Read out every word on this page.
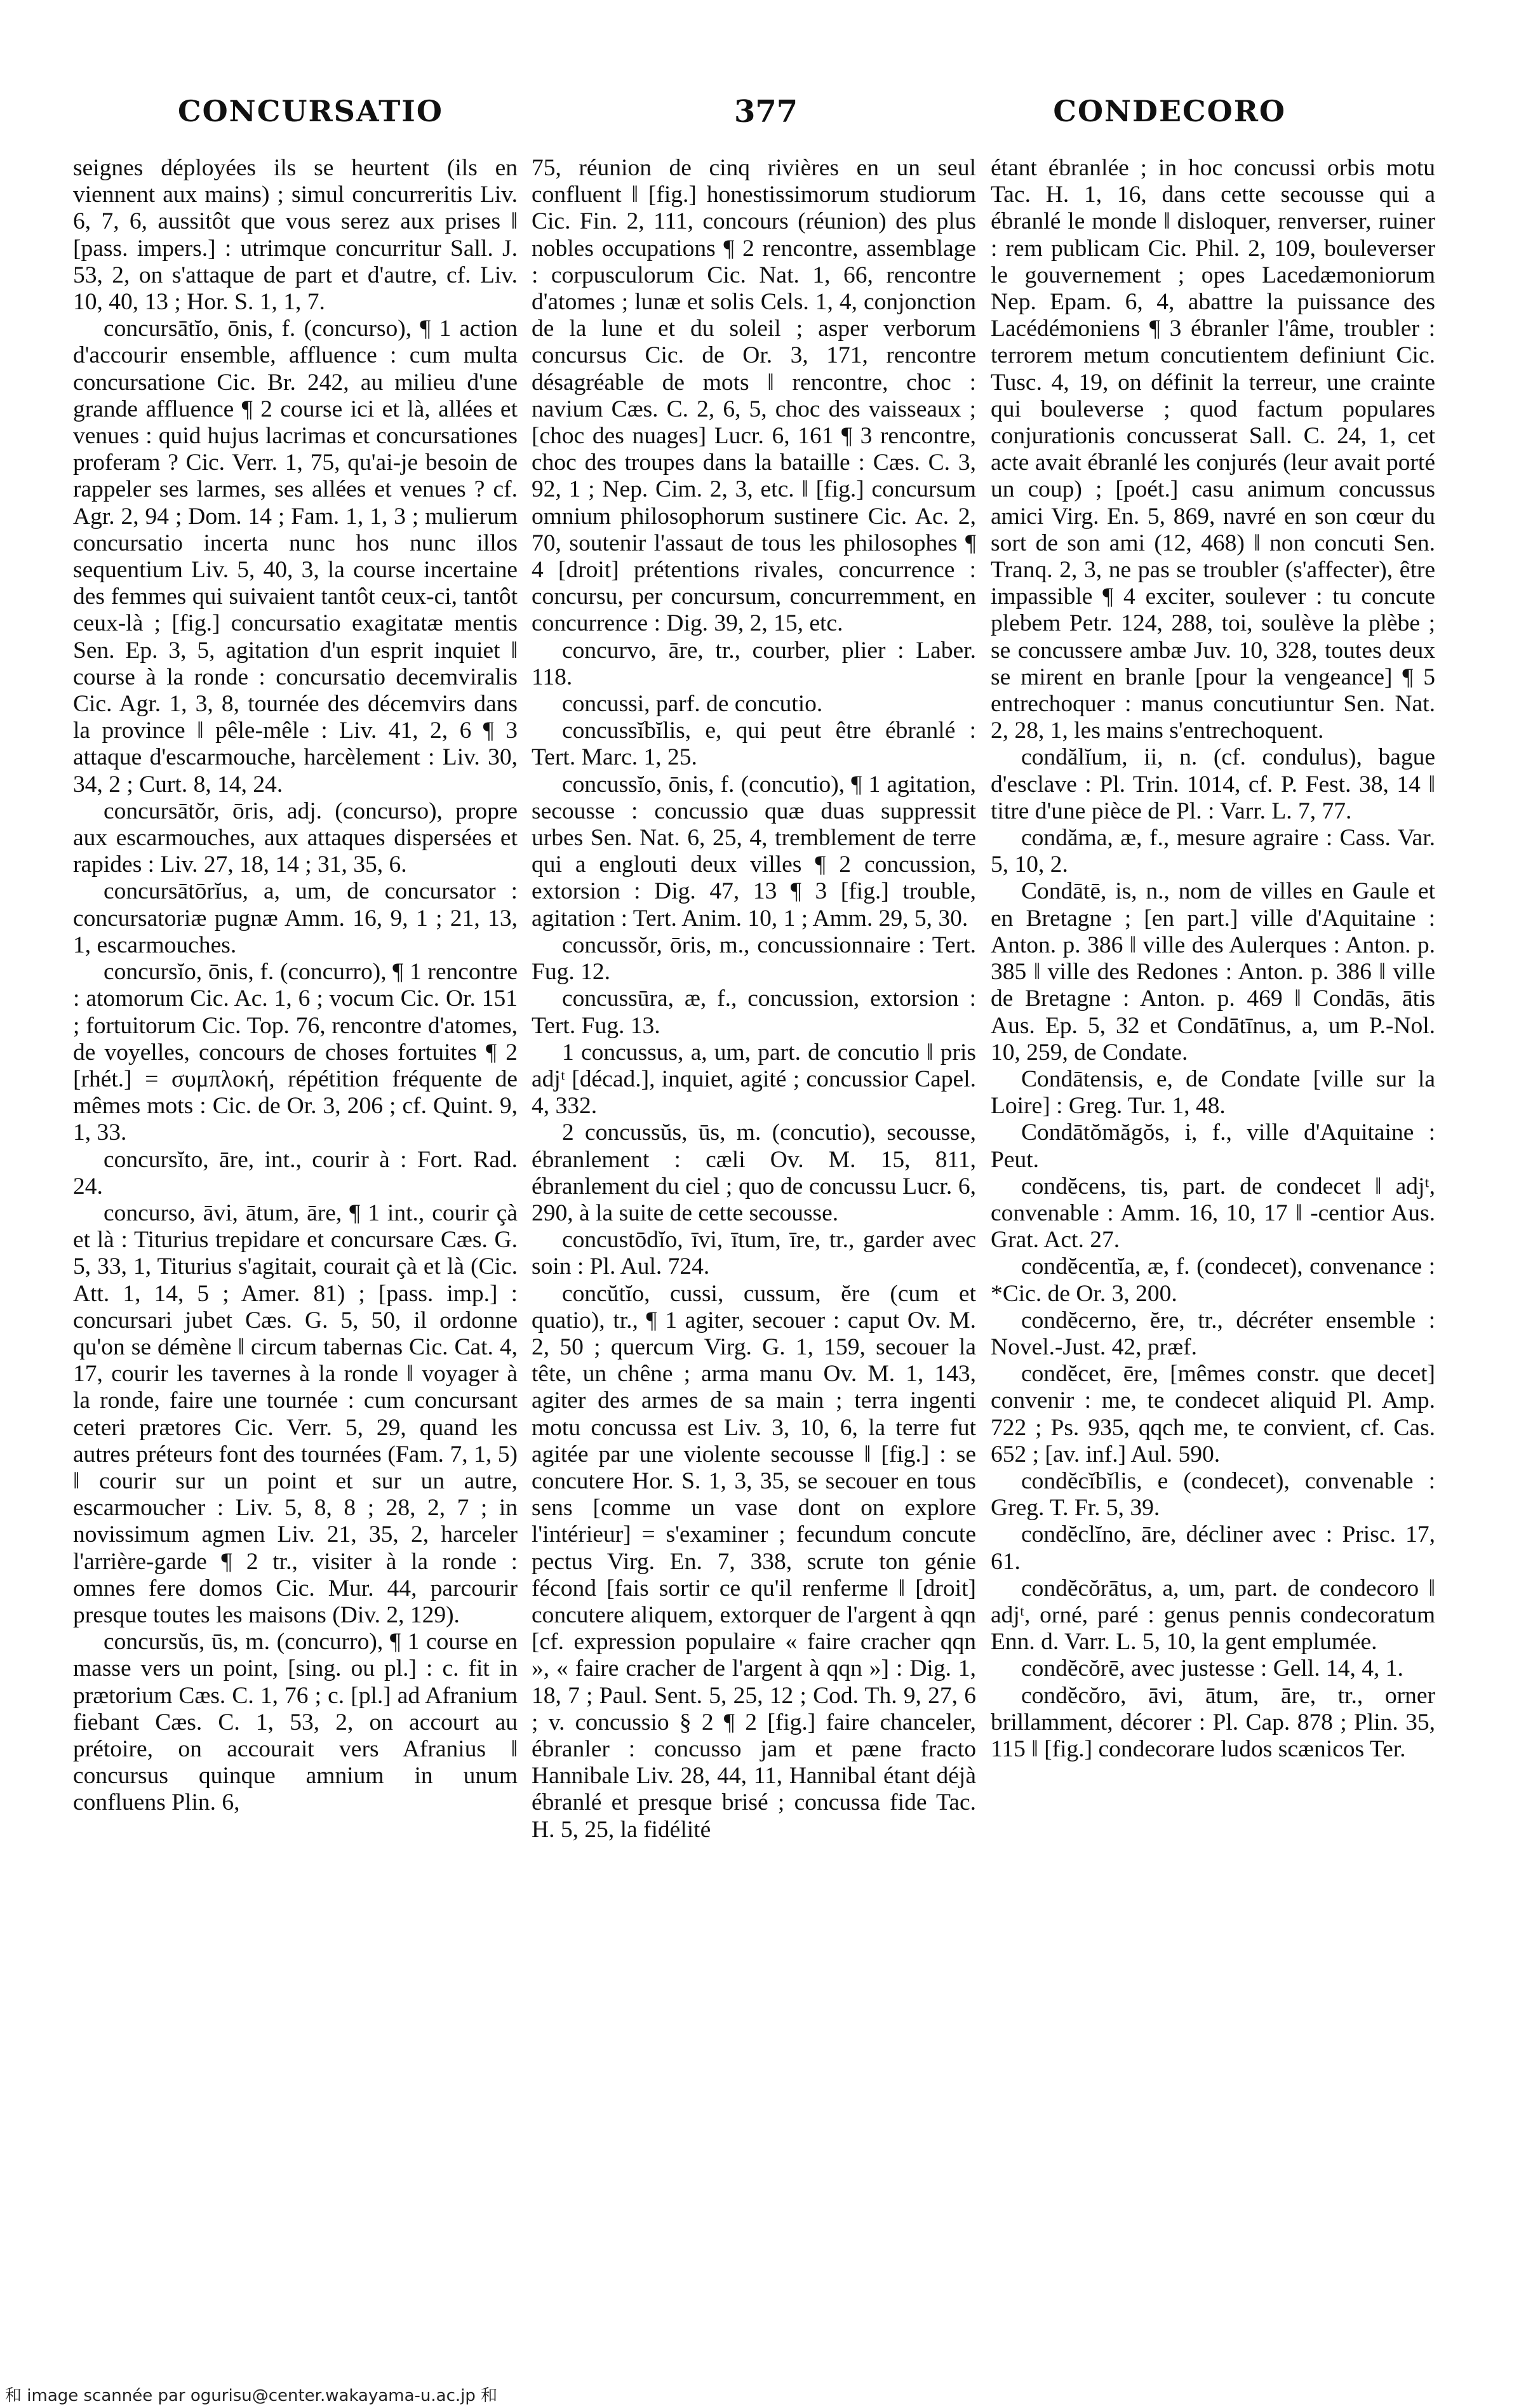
CONCURSATIO	377	CONDECORO

seignes déployées ils se heurtent (ils en viennent aux mains) ; simul concurreritis Liv. 6, 7, 6, aussitôt que vous serez aux prises ‖ [pass. impers.] : utrimque concurritur Sall. J. 53, 2, on s'attaque de part et d'autre, cf. Liv. 10, 40, 13 ; Hor. S. 1, 1, 7.

concursātĭo, ōnis, f. (concurso), ¶ 1 action d'accourir ensemble, affluence : cum multa concursatione Cic. Br. 242, au milieu d'une grande affluence ¶ 2 course ici et là, allées et venues : quid hujus lacrimas et concursationes proferam ? Cic. Verr. 1, 75, qu'ai-je besoin de rappeler ses larmes, ses allées et venues ? cf. Agr. 2, 94 ; Dom. 14 ; Fam. 1, 1, 3 ; mulierum concursatio incerta nunc hos nunc illos sequentium Liv. 5, 40, 3, la course incertaine des femmes qui suivaient tantôt ceux-ci, tantôt ceux-là ; [fig.] concursatio exagitatæ mentis Sen. Ep. 3, 5, agitation d'un esprit inquiet ‖ course à la ronde : concursatio decemviralis Cic. Agr. 1, 3, 8, tournée des décemvirs dans la province ‖ pêle-mêle : Liv. 41, 2, 6 ¶ 3 attaque d'escarmouche, harcèlement : Liv. 30, 34, 2 ; Curt. 8, 14, 24.

concursātŏr, ōris, adj. (concurso), propre aux escarmouches, aux attaques dispersées et rapides : Liv. 27, 18, 14 ; 31, 35, 6.

concursātōrĭus, a, um, de concursator : concursatoriæ pugnæ Amm. 16, 9, 1 ; 21, 13, 1, escarmouches.

concursĭo, ōnis, f. (concurro), ¶ 1 rencontre : atomorum Cic. Ac. 1, 6 ; vocum Cic. Or. 151 ; fortuitorum Cic. Top. 76, rencontre d'atomes, de voyelles, concours de choses fortuites ¶ 2 [rhét.] = συμπλοκή, répétition fréquente de mêmes mots : Cic. de Or. 3, 206 ; cf. Quint. 9, 1, 33.

concursĭto, āre, int., courir à : Fort. Rad. 24.

concurso, āvi, ātum, āre, ¶ 1 int., courir çà et là : Titurius trepidare et concursare Cæs. G. 5, 33, 1, Titurius s'agitait, courait çà et là (Cic. Att. 1, 14, 5 ; Amer. 81) ; [pass. imp.] : concursari jubet Cæs. G. 5, 50, il ordonne qu'on se démène ‖ circum tabernas Cic. Cat. 4, 17, courir les tavernes à la ronde ‖ voyager à la ronde, faire une tournée : cum concursant ceteri prætores Cic. Verr. 5, 29, quand les autres préteurs font des tournées (Fam. 7, 1, 5) ‖ courir sur un point et sur un autre, escarmoucher : Liv. 5, 8, 8 ; 28, 2, 7 ; in novissimum agmen Liv. 21, 35, 2, harceler l'arrière-garde ¶ 2 tr., visiter à la ronde : omnes fere domos Cic. Mur. 44, parcourir presque toutes les maisons (Div. 2, 129).

concursŭs, ūs, m. (concurro), ¶ 1 course en masse vers un point, [sing. ou pl.] : c. fit in prætorium Cæs. C. 1, 76 ; c. [pl.] ad Afranium fiebant Cæs. C. 1, 53, 2, on accourt au prétoire, on accourait vers Afranius ‖ concursus quinque amnium in unum confluens Plin. 6,

75, réunion de cinq rivières en un seul confluent ‖ [fig.] honestissimorum studiorum Cic. Fin. 2, 111, concours (réunion) des plus nobles occupations ¶ 2 rencontre, assemblage : corpusculorum Cic. Nat. 1, 66, rencontre d'atomes ; lunæ et solis Cels. 1, 4, conjonction de la lune et du soleil ; asper verborum concursus Cic. de Or. 3, 171, rencontre désagréable de mots ‖ rencontre, choc : navium Cæs. C. 2, 6, 5, choc des vaisseaux ; [choc des nuages] Lucr. 6, 161 ¶ 3 rencontre, choc des troupes dans la bataille : Cæs. C. 3, 92, 1 ; Nep. Cim. 2, 3, etc. ‖ [fig.] concursum omnium philosophorum sustinere Cic. Ac. 2, 70, soutenir l'assaut de tous les philosophes ¶ 4 [droit] prétentions rivales, concurrence : concursu, per concursum, concurremment, en concurrence : Dig. 39, 2, 15, etc.

concurvo, āre, tr., courber, plier : Laber. 118.

concussi, parf. de concutio.

concussĭbĭlis, e, qui peut être ébranlé : Tert. Marc. 1, 25.

concussĭo, ōnis, f. (concutio), ¶ 1 agitation, secousse : concussio quæ duas suppressit urbes Sen. Nat. 6, 25, 4, tremblement de terre qui a englouti deux villes ¶ 2 concussion, extorsion : Dig. 47, 13 ¶ 3 [fig.] trouble, agitation : Tert. Anim. 10, 1 ; Amm. 29, 5, 30.

concussŏr, ōris, m., concussionnaire : Tert. Fug. 12.

concussūra, æ, f., concussion, extorsion : Tert. Fug. 13.

1 concussus, a, um, part. de concutio ‖ pris adjᵗ [décad.], inquiet, agité ; concussior Capel. 4, 332.

2 concussŭs, ūs, m. (concutio), secousse, ébranlement : cæli Ov. M. 15, 811, ébranlement du ciel ; quo de concussu Lucr. 6, 290, à la suite de cette secousse.

concustōdĭo, īvi, ītum, īre, tr., garder avec soin : Pl. Aul. 724.

concŭtĭo, cussi, cussum, ĕre (cum et quatio), tr., ¶ 1 agiter, secouer : caput Ov. M. 2, 50 ; quercum Virg. G. 1, 159, secouer la tête, un chêne ; arma manu Ov. M. 1, 143, agiter des armes de sa main ; terra ingenti motu concussa est Liv. 3, 10, 6, la terre fut agitée par une violente secousse ‖ [fig.] : se concutere Hor. S. 1, 3, 35, se secouer en tous sens [comme un vase dont on explore l'intérieur] = s'examiner ; fecundum concute pectus Virg. En. 7, 338, scrute ton génie fécond [fais sortir ce qu'il renferme ‖ [droit] concutere aliquem, extorquer de l'argent à qqn [cf. expression populaire « faire cracher qqn », « faire cracher de l'argent à qqn »] : Dig. 1, 18, 7 ; Paul. Sent. 5, 25, 12 ; Cod. Th. 9, 27, 6 ; v. concussio § 2 ¶ 2 [fig.] faire chanceler, ébranler : concusso jam et pæne fracto Hannibale Liv. 28, 44, 11, Hannibal étant déjà ébranlé et presque brisé ; concussa fide Tac. H. 5, 25, la fidélité

étant ébranlée ; in hoc concussi orbis motu Tac. H. 1, 16, dans cette secousse qui a ébranlé le monde ‖ disloquer, renverser, ruiner : rem publicam Cic. Phil. 2, 109, bouleverser le gouvernement ; opes Lacedæmoniorum Nep. Epam. 6, 4, abattre la puissance des Lacédémoniens ¶ 3 ébranler l'âme, troubler : terrorem metum concutientem definiunt Cic. Tusc. 4, 19, on définit la terreur, une crainte qui bouleverse ; quod factum populares conjurationis concusserat Sall. C. 24, 1, cet acte avait ébranlé les conjurés (leur avait porté un coup) ; [poét.] casu animum concussus amici Virg. En. 5, 869, navré en son cœur du sort de son ami (12, 468) ‖ non concuti Sen. Tranq. 2, 3, ne pas se troubler (s'affecter), être impassible ¶ 4 exciter, soulever : tu concute plebem Petr. 124, 288, toi, soulève la plèbe ; se concussere ambæ Juv. 10, 328, toutes deux se mirent en branle [pour la vengeance] ¶ 5 entrechoquer : manus concutiuntur Sen. Nat. 2, 28, 1, les mains s'entrechoquent.

condălĭum, ii, n. (cf. condulus), bague d'esclave : Pl. Trin. 1014, cf. P. Fest. 38, 14 ‖ titre d'une pièce de Pl. : Varr. L. 7, 77.

condăma, æ, f., mesure agraire : Cass. Var. 5, 10, 2.

Condātē, is, n., nom de villes en Gaule et en Bretagne ; [en part.] ville d'Aquitaine : Anton. p. 386 ‖ ville des Aulerques : Anton. p. 385 ‖ ville des Redones : Anton. p. 386 ‖ ville de Bretagne : Anton. p. 469 ‖ Condās, ātis Aus. Ep. 5, 32 et Condātīnus, a, um P.-Nol. 10, 259, de Condate.

Condātensis, e, de Condate [ville sur la Loire] : Greg. Tur. 1, 48.

Condātŏmăgŏs, i, f., ville d'Aquitaine : Peut.

condĕcens, tis, part. de condecet ‖ adjᵗ, convenable : Amm. 16, 10, 17 ‖ -centior Aus. Grat. Act. 27.

condĕcentĭa, æ, f. (condecet), convenance : *Cic. de Or. 3, 200.

condĕcerno, ĕre, tr., décréter ensemble : Novel.-Just. 42, præf.

condĕcet, ēre, [mêmes constr. que decet] convenir : me, te condecet aliquid Pl. Amp. 722 ; Ps. 935, qqch me, te convient, cf. Cas. 652 ; [av. inf.] Aul. 590.

condĕcĭbĭlis, e (condecet), convenable : Greg. T. Fr. 5, 39.

condĕclĭno, āre, décliner avec : Prisc. 17, 61.

condĕcŏrātus, a, um, part. de condecoro ‖ adjᵗ, orné, paré : genus pennis condecoratum Enn. d. Varr. L. 5, 10, la gent emplumée.

condĕcŏrē, avec justesse : Gell. 14, 4, 1.

condĕcŏro, āvi, ātum, āre, tr., orner brillamment, décorer : Pl. Cap. 878 ; Plin. 35, 115 ‖ [fig.] condecorare ludos scænicos Ter.

和 image scannée par ogurisu@center.wakayama-u.ac.jp 和
